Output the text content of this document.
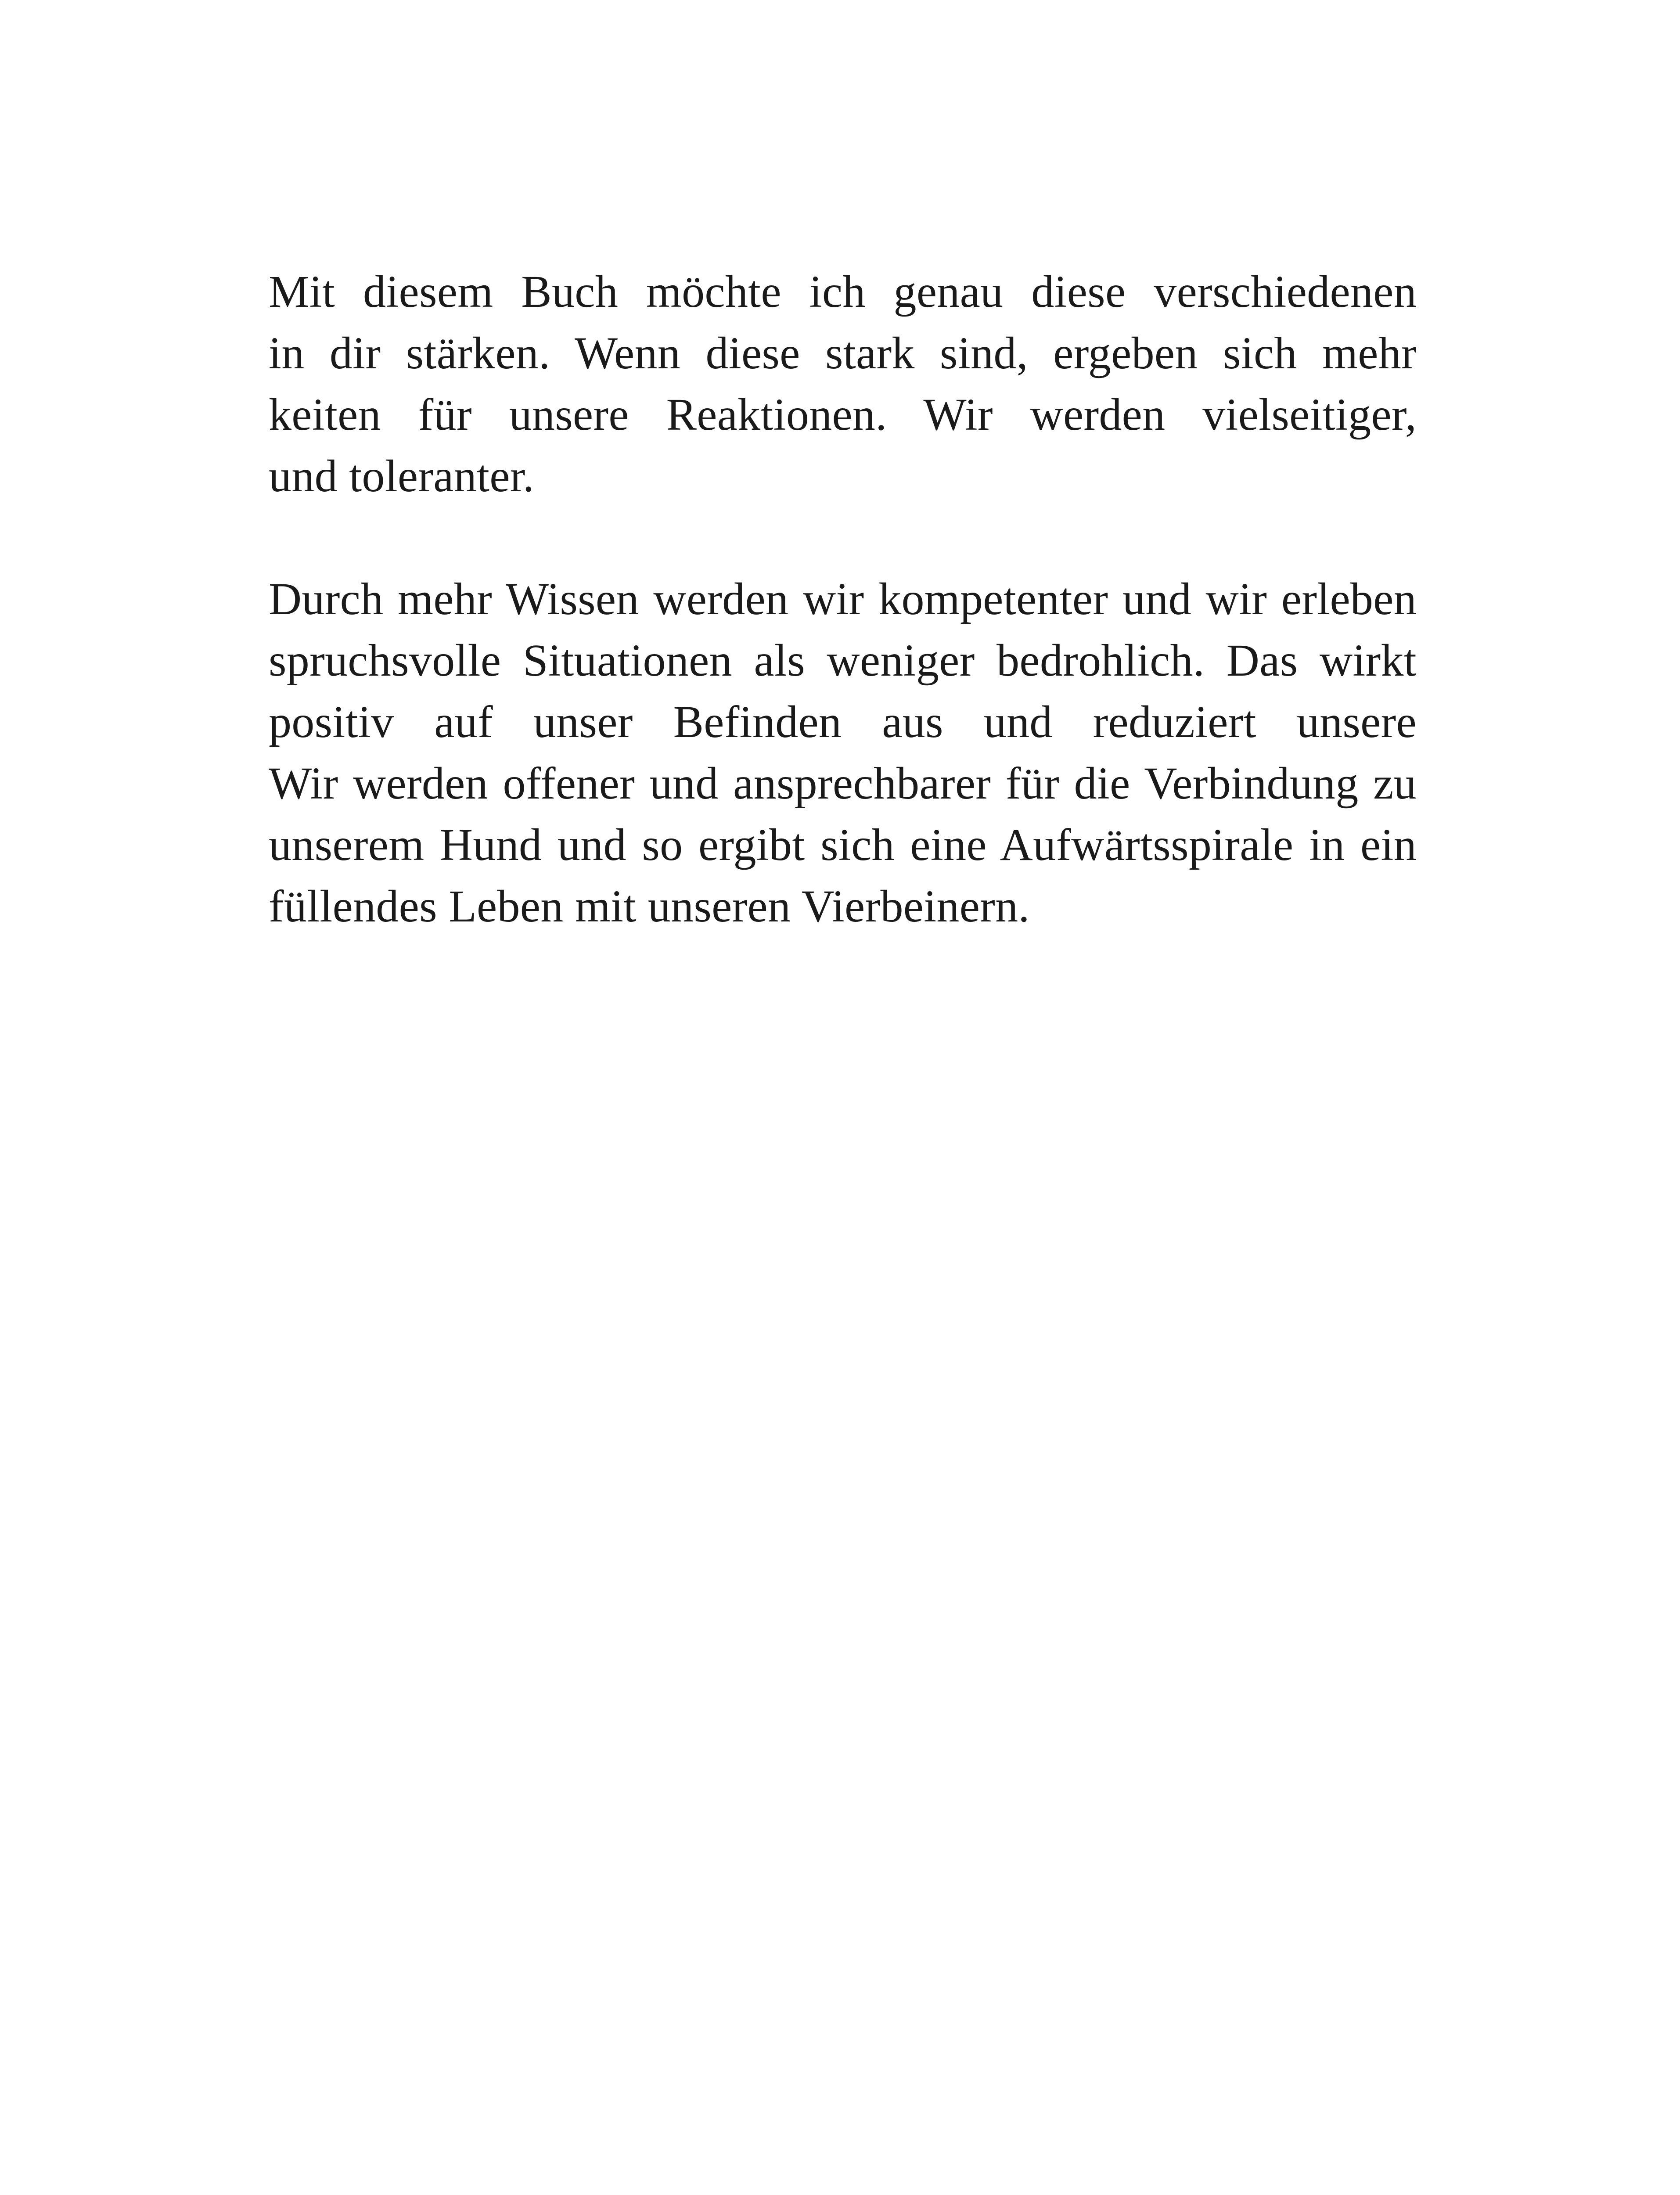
Mit diesem Buch möchte ich genau diese verschiedenen
in dir stärken. Wenn diese stark sind, ergeben sich mehr
keiten für unsere Reaktionen. Wir werden vielseitiger,
und toleranter.
Durch mehr Wissen werden wir kompetenter und wir erleben
spruchsvolle Situationen als weniger bedrohlich. Das wirkt
positiv auf unser Befinden aus und reduziert unsere
Wir werden offener und ansprechbarer für die Verbindung zu
unserem Hund und so ergibt sich eine Aufwärtsspirale in ein
füllendes Leben mit unseren Vierbeinern.
